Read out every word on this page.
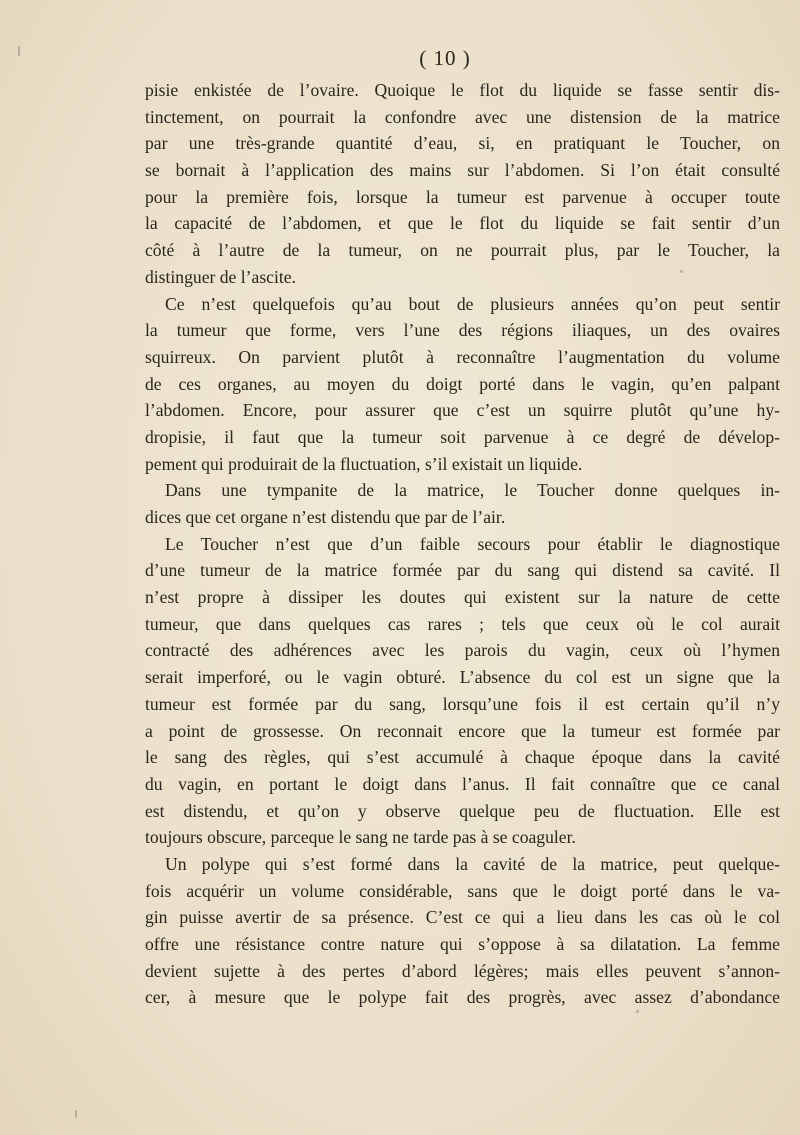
( 10 )
pisie enkistée de l’ovaire. Quoique le flot du liquide se fasse sentir dis-
tinctement, on pourrait la confondre avec une distension de la matrice
par une très-grande quantité d’eau, si, en pratiquant le Toucher, on
se bornait à l’application des mains sur l’abdomen. Si l’on était consulté
pour la première fois, lorsque la tumeur est parvenue à occuper toute
la capacité de l’abdomen, et que le flot du liquide se fait sentir d’un
côté à l’autre de la tumeur, on ne pourrait plus, par le Toucher, la
distinguer de l’ascite.
Ce n’est quelquefois qu’au bout de plusieurs années qu’on peut sentir
la tumeur que forme, vers l’une des régions iliaques, un des ovaires
squirreux. On parvient plutôt à reconnaître l’augmentation du volume
de ces organes, au moyen du doigt porté dans le vagin, qu’en palpant
l’abdomen. Encore, pour assurer que c’est un squirre plutôt qu’une hy-
dropisie, il faut que la tumeur soit parvenue à ce degré de dévelop-
pement qui produirait de la fluctuation, s’il existait un liquide.
Dans une tympanite de la matrice, le Toucher donne quelques in-
dices que cet organe n’est distendu que par de l’air.
Le Toucher n’est que d’un faible secours pour établir le diagnostique
d’une tumeur de la matrice formée par du sang qui distend sa cavité. Il
n’est propre à dissiper les doutes qui existent sur la nature de cette
tumeur, que dans quelques cas rares ; tels que ceux où le col aurait
contracté des adhérences avec les parois du vagin, ceux où l’hymen
serait imperforé, ou le vagin obturé. L’absence du col est un signe que la
tumeur est formée par du sang, lorsqu’une fois il est certain qu’il n’y
a point de grossesse. On reconnait encore que la tumeur est formée par
le sang des règles, qui s’est accumulé à chaque époque dans la cavité
du vagin, en portant le doigt dans l’anus. Il fait connaître que ce canal
est distendu, et qu’on y observe quelque peu de fluctuation. Elle est
toujours obscure, parceque le sang ne tarde pas à se coaguler.
Un polype qui s’est formé dans la cavité de la matrice, peut quelque-
fois acquérir un volume considérable, sans que le doigt porté dans le va-
gin puisse avertir de sa présence. C’est ce qui a lieu dans les cas où le col
offre une résistance contre nature qui s’oppose à sa dilatation. La femme
devient sujette à des pertes d’abord légères; mais elles peuvent s’annon-
cer, à mesure que le polype fait des progrès, avec assez d’abondance
